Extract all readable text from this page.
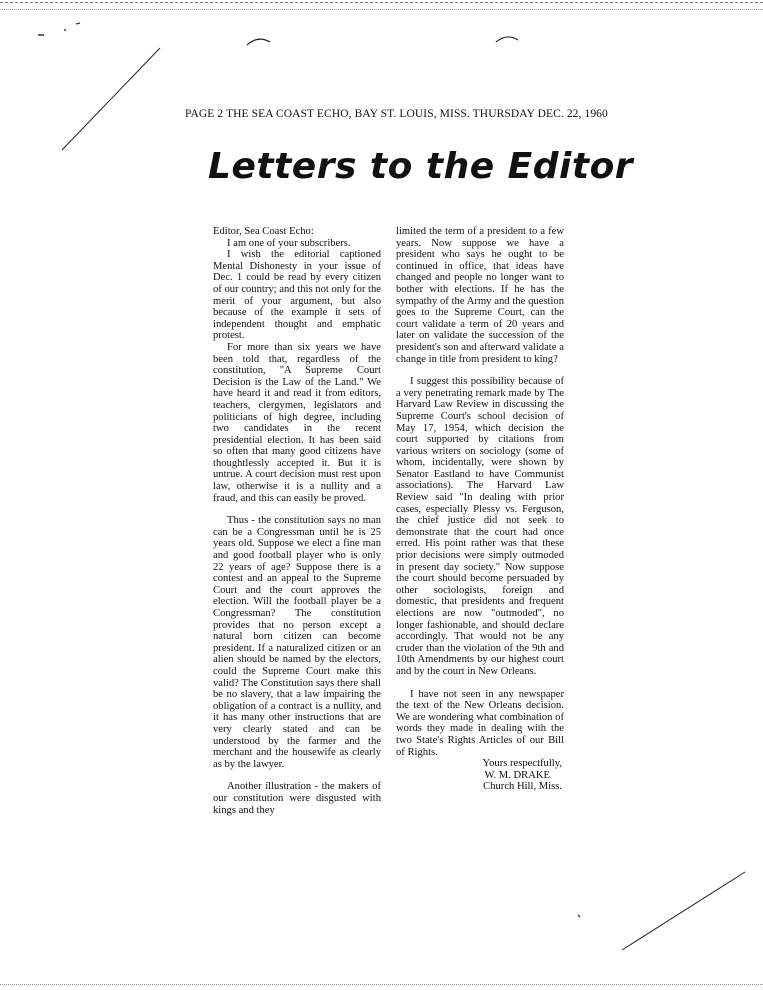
PAGE 2 THE SEA COAST ECHO, BAY ST. LOUIS, MISS. THURSDAY DEC. 22, 1960
Letters to the Editor

Editor, Sea Coast Echo:

I am one of your subscribers.

I wish the editorial captioned Mental Dishonesty in your issue of Dec. 1 could be read by every citizen of our country; and this not only for the merit of your argument, but also because of the example it sets of independent thought and emphatic protest.

For more than six years we have been told that, regardless of the constitution, "A Supreme Court Decision is the Law of the Land." We have heard it and read it from editors, teachers, clergymen, legislators and politicians of high degree, including two candidates in the recent presidential election. It has been said so often that many good citizens have thoughtlessly accepted it. But it is untrue. A court decision must rest upon law, otherwise it is a nullity and a fraud, and this can easily be proved.

Thus - the constitution says no man can be a Congressman until he is 25 years old. Suppose we elect a fine man and good football player who is only 22 years of age? Suppose there is a contest and an appeal to the Supreme Court and the court approves the election. Will the football player be a Congressman? The constitution provides that no person except a natural born citizen can become president. If a naturalized citizen or an alien should be named by the electors, could the Supreme Court make this valid? The Constitution says there shall be no slavery, that a law impairing the obligation of a contract is a nullity, and it has many other instructions that are very clearly stated and can be understood by the farmer and the merchant and the housewife as clearly as by the lawyer.

Another illustration - the makers of our constitution were disgusted with kings and they

limited the term of a president to a few years. Now suppose we have a president who says he ought to be continued in office, that ideas have changed and people no longer want to bother with elections. If he has the sympathy of the Army and the question goes to the Supreme Court, can the court validate a term of 20 years and later on validate the succession of the president's son and afterward validate a change in title from president to king?

I suggest this possibility because of a very penetrating remark made by The Harvard Law Review in discussing the Supreme Court's school decision of May 17, 1954, which decision the court supported by citations from various writers on sociology (some of whom, incidentally, were shown by Senator Eastland to have Communist associations). The Harvard Law Review said "In dealing with prior cases, especially Plessy vs. Ferguson, the chief justice did not seek to demonstrate that the court had once erred. His point rather was that these prior decisions were simply outmoded in present day society." Now suppose the court should become persuaded by other sociologists, foreign and domestic, that presidents and frequent elections are now "outmoded", no longer fashionable, and should declare accordingly. That would not be any cruder than the violation of the 9th and 10th Amendments by our highest court and by the court in New Orleans.

I have not seen in any newspaper the text of the New Orleans decision. We are wondering what combination of words they made in dealing with the two State's Rights Articles of our Bill of Rights.

Yours respectfully,

W. M. DRAKE

Church Hill, Miss.
